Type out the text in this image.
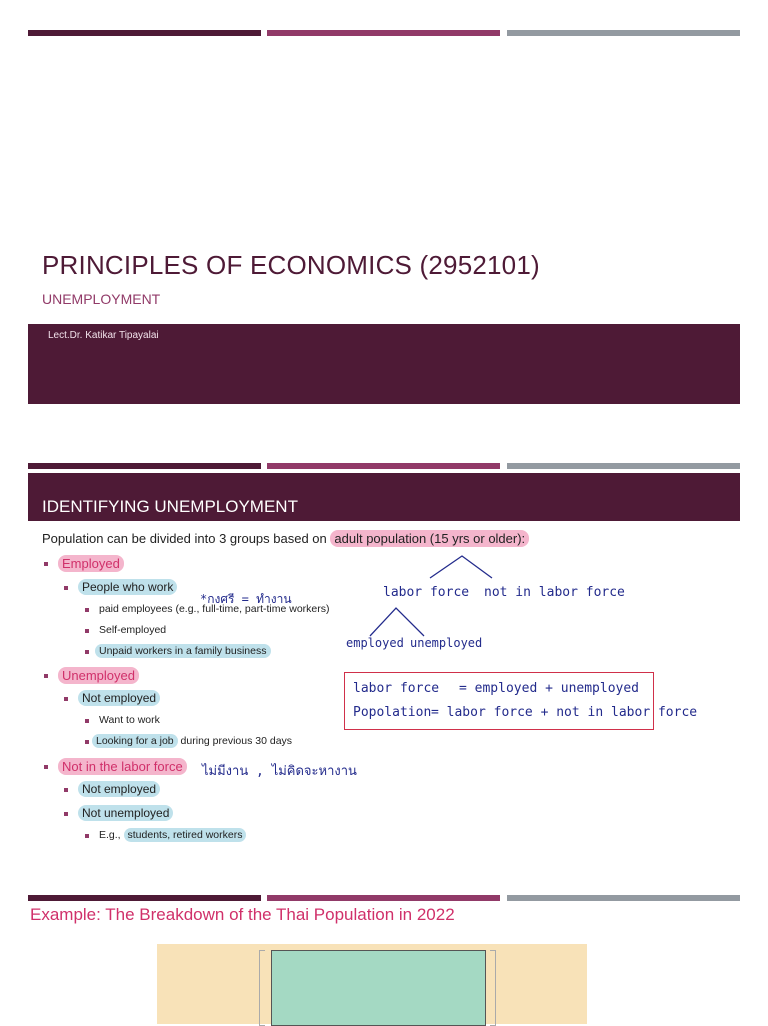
PRINCIPLES OF ECONOMICS (2952101)
UNEMPLOYMENT
Lect.Dr. Katikar Tipayalai
IDENTIFYING UNEMPLOYMENT
Population can be divided into 3 groups based on adult population (15 yrs or older):
Employed
People who work
paid employees (e.g., full-time, part-time workers)
Self-employed
Unpaid workers in a family business
Unemployed
Not employed
Want to work
Looking for a job during previous 30 days
Not in the labor force
Not employed
Not unemployed
E.g., students, retired workers
*กงศรี = ทำงาน
ไม่มีงาน , ไม่คิดจะหางาน
labor force not in labor force
employed unemployed
labor force = employed + unemployed
Popolation = labor force + not in labor force
Example: The Breakdown of the Thai Population in 2022
